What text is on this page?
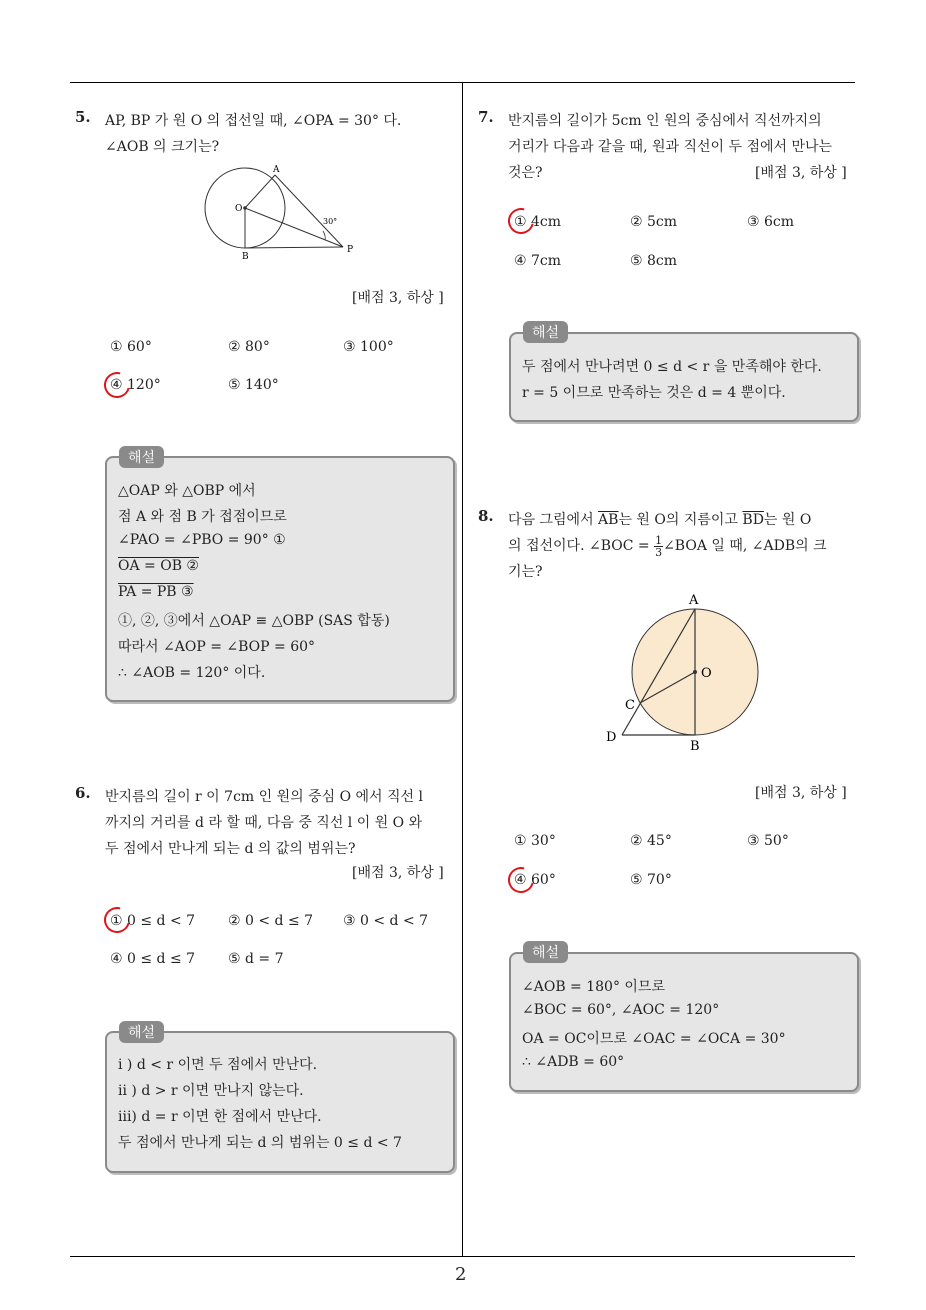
2
5. AP, BP 가 원 O 의 접선일 때, ∠OPA = 30° 다.
∠AOB 의 크기는?
A
O
B
P
30°
[배점 3, 하상 ]
① 60°	② 80°	③ 100°
④ 120°	⑤ 140°
해설
△OAP 와 △OBP 에서
점 A 와 점 B 가 접점이므로
∠PAO = ∠PBO = 90° ①
OA = OB ②
PA = PB ③
①, ②, ③에서 △OAP ≡ △OBP (SAS 합동)
따라서 ∠AOP = ∠BOP = 60°
∴ ∠AOB = 120° 이다.
6. 반지름의 길이 r 이 7cm 인 원의 중심 O 에서 직선 l
까지의 거리를 d 라 할 때, 다음 중 직선 l 이 원 O 와
두 점에서 만나게 되는 d 의 값의 범위는?
[배점 3, 하상 ]
① 0 ≤ d < 7 ② 0 < d ≤ 7 ③ 0 < d < 7
④ 0 ≤ d ≤ 7 ⑤ d = 7
해설
i ) d < r 이면 두 점에서 만난다.
ii ) d > r 이면 만나지 않는다.
iii) d = r 이면 한 점에서 만난다.
두 점에서 만나게 되는 d 의 범위는 0 ≤ d < 7
7. 반지름의 길이가 5cm 인 원의 중심에서 직선까지의
거리가 다음과 같을 때, 원과 직선이 두 점에서 만나는
것은?	[배점 3, 하상 ]
① 4cm	② 5cm	③ 6cm
④ 7cm	⑤ 8cm
해설
두 점에서 만나려면 0 ≤ d < r 을 만족해야 한다.
r = 5 이므로 만족하는 것은 d = 4 뿐이다.
8. 다음 그림에서 $\overline{AB}$는 원 O의 지름이고 $\overline{BD}$는 원 O
의 접선이다. ∠BOC = $\frac{1}{3}$ ∠BOA 일 때, ∠ADB의 크
기는?
A
O
C
D
B
[배점 3, 하상 ]
① 30°	② 45°	③ 50°
④ 60°	⑤ 70°
해설
∠AOB = 180° 이므로
∠BOC = 60°, ∠AOC = 120°
OA = OC이므로 ∠OAC = ∠OCA = 30°
∴ ∠ADB = 60°
